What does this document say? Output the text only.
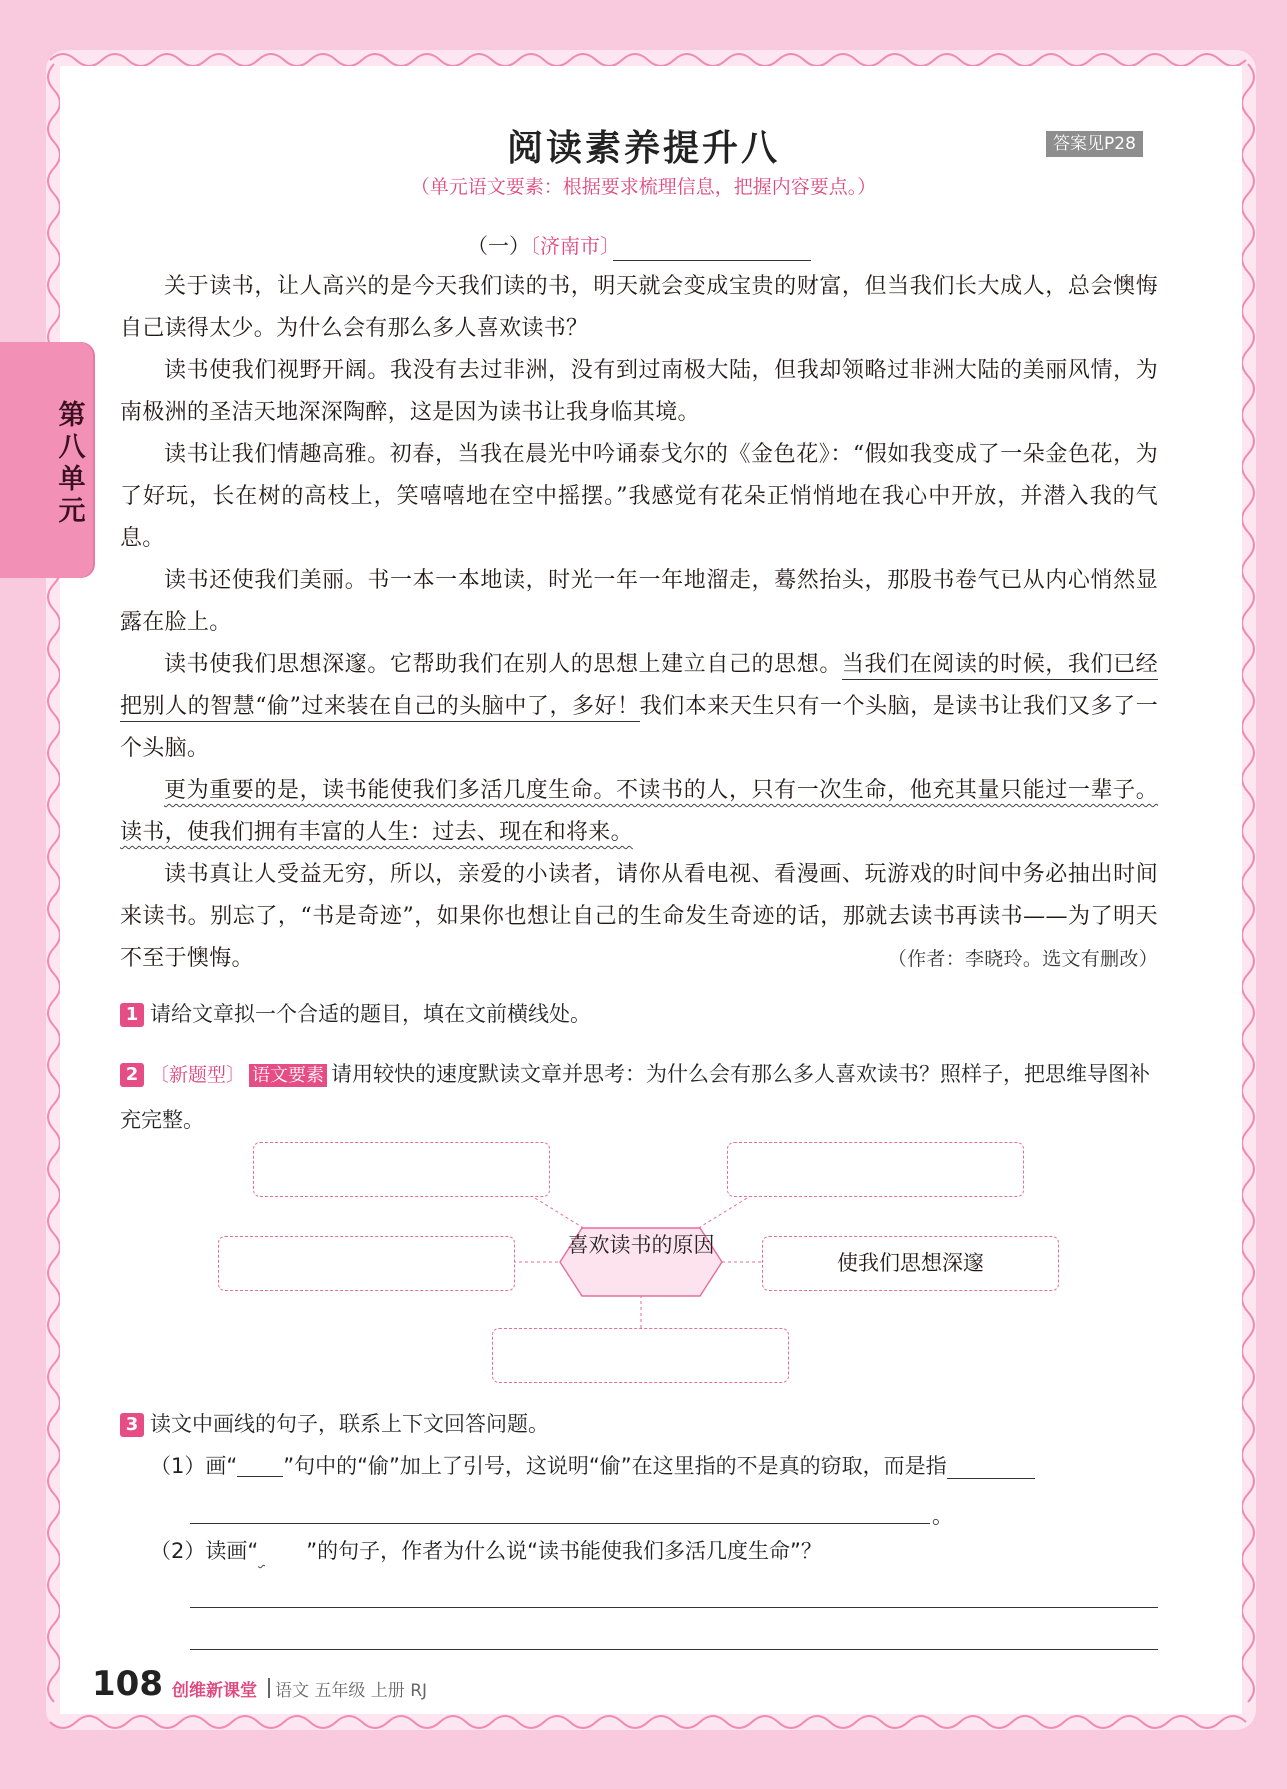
第八单元
阅读素养提升八	答案见P28
（单元语文要素：根据要求梳理信息，把握内容要点。）
（一）〔济南市〕

关于读书，让人高兴的是今天我们读的书，明天就会变成宝贵的财富，但当我们长大成人，总会懊悔自己读得太少。为什么会有那么多人喜欢读书？

读书使我们视野开阔。我没有去过非洲，没有到过南极大陆，但我却领略过非洲大陆的美丽风情，为南极洲的圣洁天地深深陶醉，这是因为读书让我身临其境。

读书让我们情趣高雅。初春，当我在晨光中吟诵泰戈尔的《金色花》：“假如我变成了一朵金色花，为了好玩，长在树的高枝上，笑嘻嘻地在空中摇摆。”我感觉有花朵正悄悄地在我心中开放，并潜入我的气息。

读书还使我们美丽。书一本一本地读，时光一年一年地溜走，蓦然抬头，那股书卷气已从内心悄然显露在脸上。

读书使我们思想深邃。它帮助我们在别人的思想上建立自己的思想。当我们在阅读的时候，我们已经把别人的智慧“偷”过来装在自己的头脑中了，多好！我们本来天生只有一个头脑，是读书让我们又多了一个头脑。

更为重要的是，读书能使我们多活几度生命。不读书的人，只有一次生命，他充其量只能过一辈子。读书，使我们拥有丰富的人生：过去、现在和将来。

读书真让人受益无穷，所以，亲爱的小读者，请你从看电视、看漫画、玩游戏的时间中务必抽出时间来读书。别忘了，“书是奇迹”，如果你也想让自己的生命发生奇迹的话，那就去读书再读书——为了明天不至于懊悔。	（作者：李晓玲。选文有删改）

1 请给文章拟一个合适的题目，填在文前横线处。
2 〔新题型〕 语文要素 请用较快的速度默读文章并思考：为什么会有那么多人喜欢读书？照样子，把思维导图补充完整。
喜欢读书的原因
使我们思想深邃
3 读文中画线的句子，联系上下文回答问题。
（1）画“ ”句中的“偷”加上了引号，这说明“偷”在这里指的不是真的窃取，而是指
。
（2）读画“ ”的句子，作者为什么说“读书能使我们多活几度生命”？
108 创维新课堂 语文 五年级 上册 RJ
